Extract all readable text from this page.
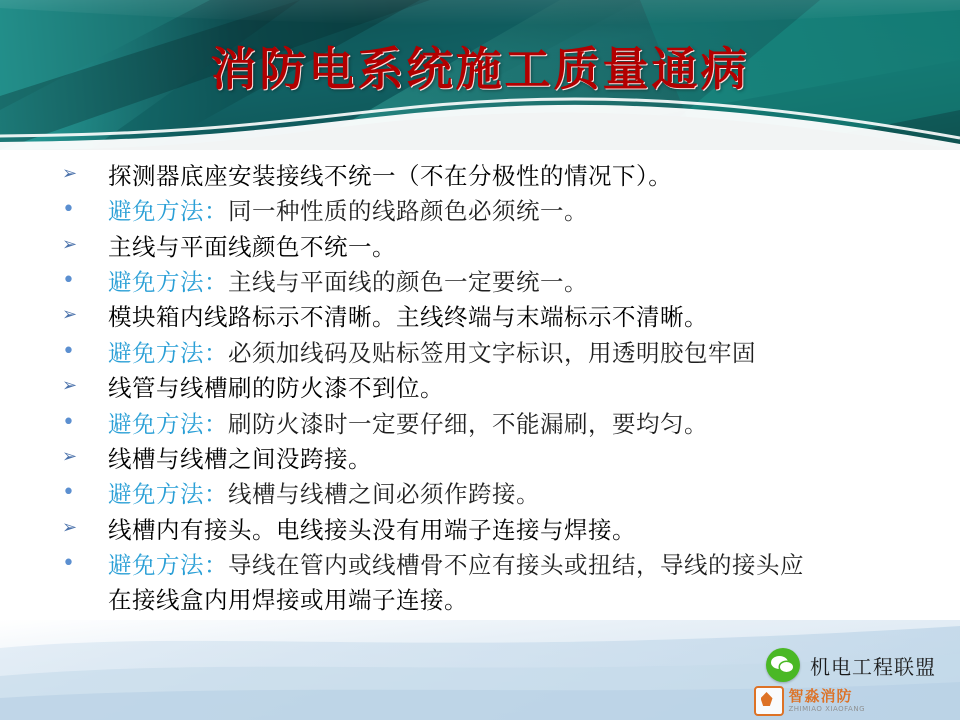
消防电系统施工质量通病
➢	探测器底座安装接线不统一（不在分极性的情况下）。
•	避免方法：同一种性质的线路颜色必须统一。
➢	主线与平面线颜色不统一。
•	避免方法：主线与平面线的颜色一定要统一。
➢	模块箱内线路标示不清晰。主线终端与末端标示不清晰。
•	避免方法：必须加线码及贴标签用文字标识，用透明胶包牢固
➢	线管与线槽刷的防火漆不到位。
•	避免方法：刷防火漆时一定要仔细，不能漏刷，要均匀。
➢	线槽与线槽之间没跨接。
•	避免方法：线槽与线槽之间必须作跨接。
➢	线槽内有接头。电线接头没有用端子连接与焊接。
•	避免方法：导线在管内或线槽骨不应有接头或扭结，导线的接头应
在接线盒内用焊接或用端子连接。
机电工程联盟
智淼消防
ZHIMIAO XIAOFANG
